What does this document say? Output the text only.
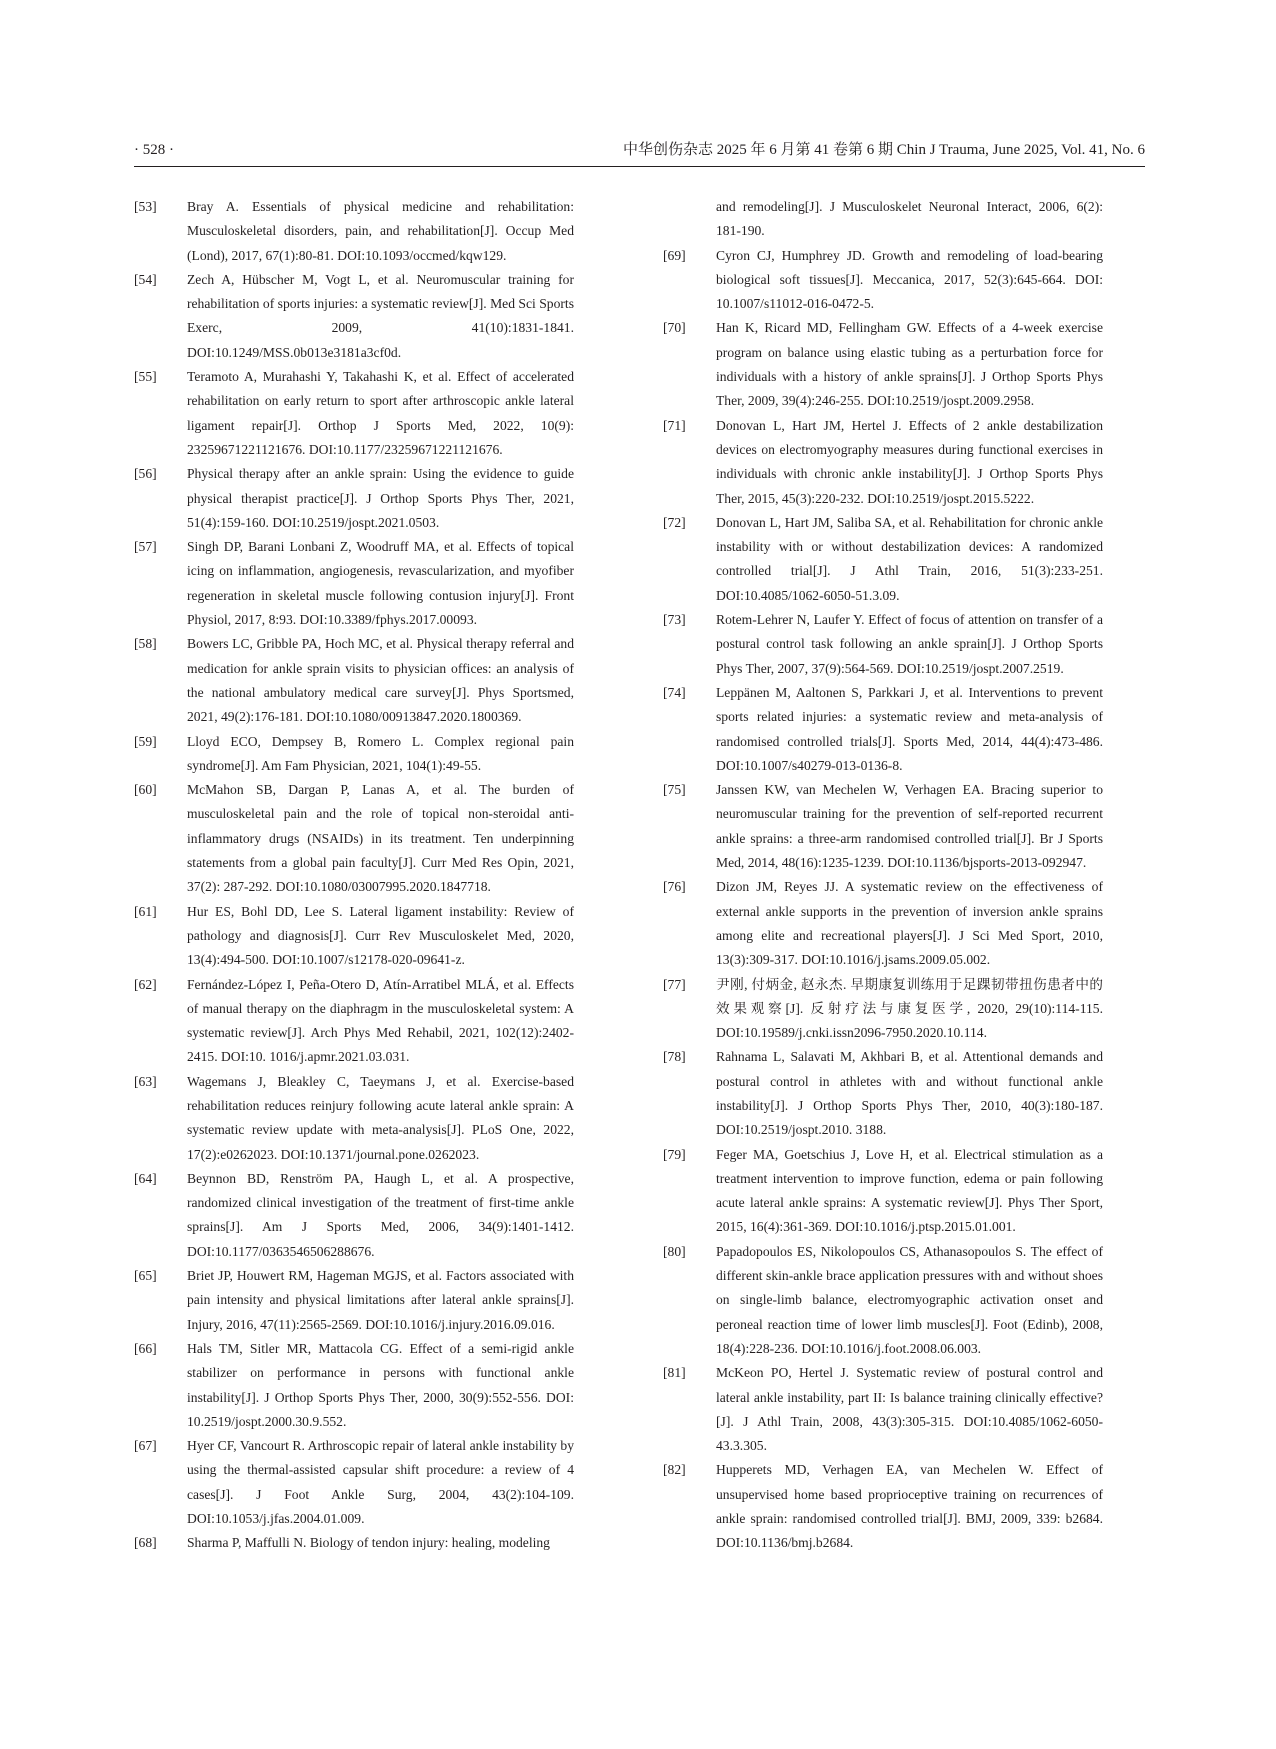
· 528 ·	中华创伤杂志 2025 年 6 月第 41 卷第 6 期 Chin J Trauma, June 2025, Vol. 41, No. 6
[53]	Bray A. Essentials of physical medicine and rehabilitation: Musculoskeletal disorders, pain, and rehabilitation[J]. Occup Med (Lond), 2017, 67(1):80-81. DOI:10.1093/occmed/kqw129.
[54]	Zech A, Hübscher M, Vogt L, et al. Neuromuscular training for rehabilitation of sports injuries: a systematic review[J]. Med Sci Sports Exerc, 2009, 41(10):1831-1841. DOI:10.1249/MSS.0b013e3181a3cf0d.
[55]	Teramoto A, Murahashi Y, Takahashi K, et al. Effect of accelerated rehabilitation on early return to sport after arthroscopic ankle lateral ligament repair[J]. Orthop J Sports Med, 2022, 10(9): 23259671221121676. DOI:10.1177/23259671221121676.
[56]	Physical therapy after an ankle sprain: Using the evidence to guide physical therapist practice[J]. J Orthop Sports Phys Ther, 2021, 51(4):159-160. DOI:10.2519/jospt.2021.0503.
[57]	Singh DP, Barani Lonbani Z, Woodruff MA, et al. Effects of topical icing on inflammation, angiogenesis, revascularization, and myofiber regeneration in skeletal muscle following contusion injury[J]. Front Physiol, 2017, 8:93. DOI:10.3389/fphys.2017.00093.
[58]	Bowers LC, Gribble PA, Hoch MC, et al. Physical therapy referral and medication for ankle sprain visits to physician offices: an analysis of the national ambulatory medical care survey[J]. Phys Sportsmed, 2021, 49(2):176-181. DOI:10.1080/00913847.2020.1800369.
[59]	Lloyd ECO, Dempsey B, Romero L. Complex regional pain syndrome[J]. Am Fam Physician, 2021, 104(1):49-55.
[60]	McMahon SB, Dargan P, Lanas A, et al. The burden of musculoskeletal pain and the role of topical non-steroidal anti-inflammatory drugs (NSAIDs) in its treatment. Ten underpinning statements from a global pain faculty[J]. Curr Med Res Opin, 2021, 37(2): 287-292. DOI:10.1080/03007995.2020.1847718.
[61]	Hur ES, Bohl DD, Lee S. Lateral ligament instability: Review of pathology and diagnosis[J]. Curr Rev Musculoskelet Med, 2020, 13(4):494-500. DOI:10.1007/s12178-020-09641-z.
[62]	Fernández-López I, Peña-Otero D, Atín-Arratibel MLÁ, et al. Effects of manual therapy on the diaphragm in the musculoskeletal system: A systematic review[J]. Arch Phys Med Rehabil, 2021, 102(12):2402-2415. DOI:10. 1016/j.apmr.2021.03.031.
[63]	Wagemans J, Bleakley C, Taeymans J, et al. Exercise-based rehabilitation reduces reinjury following acute lateral ankle sprain: A systematic review update with meta-analysis[J]. PLoS One, 2022, 17(2):e0262023. DOI:10.1371/journal.pone.0262023.
[64]	Beynnon BD, Renström PA, Haugh L, et al. A prospective, randomized clinical investigation of the treatment of first-time ankle sprains[J]. Am J Sports Med, 2006, 34(9):1401-1412. DOI:10.1177/0363546506288676.
[65]	Briet JP, Houwert RM, Hageman MGJS, et al. Factors associated with pain intensity and physical limitations after lateral ankle sprains[J]. Injury, 2016, 47(11):2565-2569. DOI:10.1016/j.injury.2016.09.016.
[66]	Hals TM, Sitler MR, Mattacola CG. Effect of a semi-rigid ankle stabilizer on performance in persons with functional ankle instability[J]. J Orthop Sports Phys Ther, 2000, 30(9):552-556. DOI: 10.2519/jospt.2000.30.9.552.
[67]	Hyer CF, Vancourt R. Arthroscopic repair of lateral ankle instability by using the thermal-assisted capsular shift procedure: a review of 4 cases[J]. J Foot Ankle Surg, 2004, 43(2):104-109. DOI:10.1053/j.jfas.2004.01.009.
[68]	Sharma P, Maffulli N. Biology of tendon injury: healing, modeling
and remodeling[J]. J Musculoskelet Neuronal Interact, 2006, 6(2): 181-190.
[69]	Cyron CJ, Humphrey JD. Growth and remodeling of load-bearing biological soft tissues[J]. Meccanica, 2017, 52(3):645-664. DOI: 10.1007/s11012-016-0472-5.
[70]	Han K, Ricard MD, Fellingham GW. Effects of a 4-week exercise program on balance using elastic tubing as a perturbation force for individuals with a history of ankle sprains[J]. J Orthop Sports Phys Ther, 2009, 39(4):246-255. DOI:10.2519/jospt.2009.2958.
[71]	Donovan L, Hart JM, Hertel J. Effects of 2 ankle destabilization devices on electromyography measures during functional exercises in individuals with chronic ankle instability[J]. J Orthop Sports Phys Ther, 2015, 45(3):220-232. DOI:10.2519/jospt.2015.5222.
[72]	Donovan L, Hart JM, Saliba SA, et al. Rehabilitation for chronic ankle instability with or without destabilization devices: A randomized controlled trial[J]. J Athl Train, 2016, 51(3):233-251. DOI:10.4085/1062-6050-51.3.09.
[73]	Rotem-Lehrer N, Laufer Y. Effect of focus of attention on transfer of a postural control task following an ankle sprain[J]. J Orthop Sports Phys Ther, 2007, 37(9):564-569. DOI:10.2519/jospt.2007.2519.
[74]	Leppänen M, Aaltonen S, Parkkari J, et al. Interventions to prevent sports related injuries: a systematic review and meta-analysis of randomised controlled trials[J]. Sports Med, 2014, 44(4):473-486. DOI:10.1007/s40279-013-0136-8.
[75]	Janssen KW, van Mechelen W, Verhagen EA. Bracing superior to neuromuscular training for the prevention of self-reported recurrent ankle sprains: a three-arm randomised controlled trial[J]. Br J Sports Med, 2014, 48(16):1235-1239. DOI:10.1136/bjsports-2013-092947.
[76]	Dizon JM, Reyes JJ. A systematic review on the effectiveness of external ankle supports in the prevention of inversion ankle sprains among elite and recreational players[J]. J Sci Med Sport, 2010, 13(3):309-317. DOI:10.1016/j.jsams.2009.05.002.
[77]	尹刚, 付炳金, 赵永杰. 早期康复训练用于足踝韧带扭伤患者中的效果观察[J]. 反射疗法与康复医学, 2020, 29(10):114-115. DOI:10.19589/j.cnki.issn2096-7950.2020.10.114.
[78]	Rahnama L, Salavati M, Akhbari B, et al. Attentional demands and postural control in athletes with and without functional ankle instability[J]. J Orthop Sports Phys Ther, 2010, 40(3):180-187. DOI:10.2519/jospt.2010. 3188.
[79]	Feger MA, Goetschius J, Love H, et al. Electrical stimulation as a treatment intervention to improve function, edema or pain following acute lateral ankle sprains: A systematic review[J]. Phys Ther Sport, 2015, 16(4):361-369. DOI:10.1016/j.ptsp.2015.01.001.
[80]	Papadopoulos ES, Nikolopoulos CS, Athanasopoulos S. The effect of different skin-ankle brace application pressures with and without shoes on single-limb balance, electromyographic activation onset and peroneal reaction time of lower limb muscles[J]. Foot (Edinb), 2008, 18(4):228-236. DOI:10.1016/j.foot.2008.06.003.
[81]	McKeon PO, Hertel J. Systematic review of postural control and lateral ankle instability, part II: Is balance training clinically effective?[J]. J Athl Train, 2008, 43(3):305-315. DOI:10.4085/1062-6050-43.3.305.
[82]	Hupperets MD, Verhagen EA, van Mechelen W. Effect of unsupervised home based proprioceptive training on recurrences of ankle sprain: randomised controlled trial[J]. BMJ, 2009, 339: b2684. DOI:10.1136/bmj.b2684.
